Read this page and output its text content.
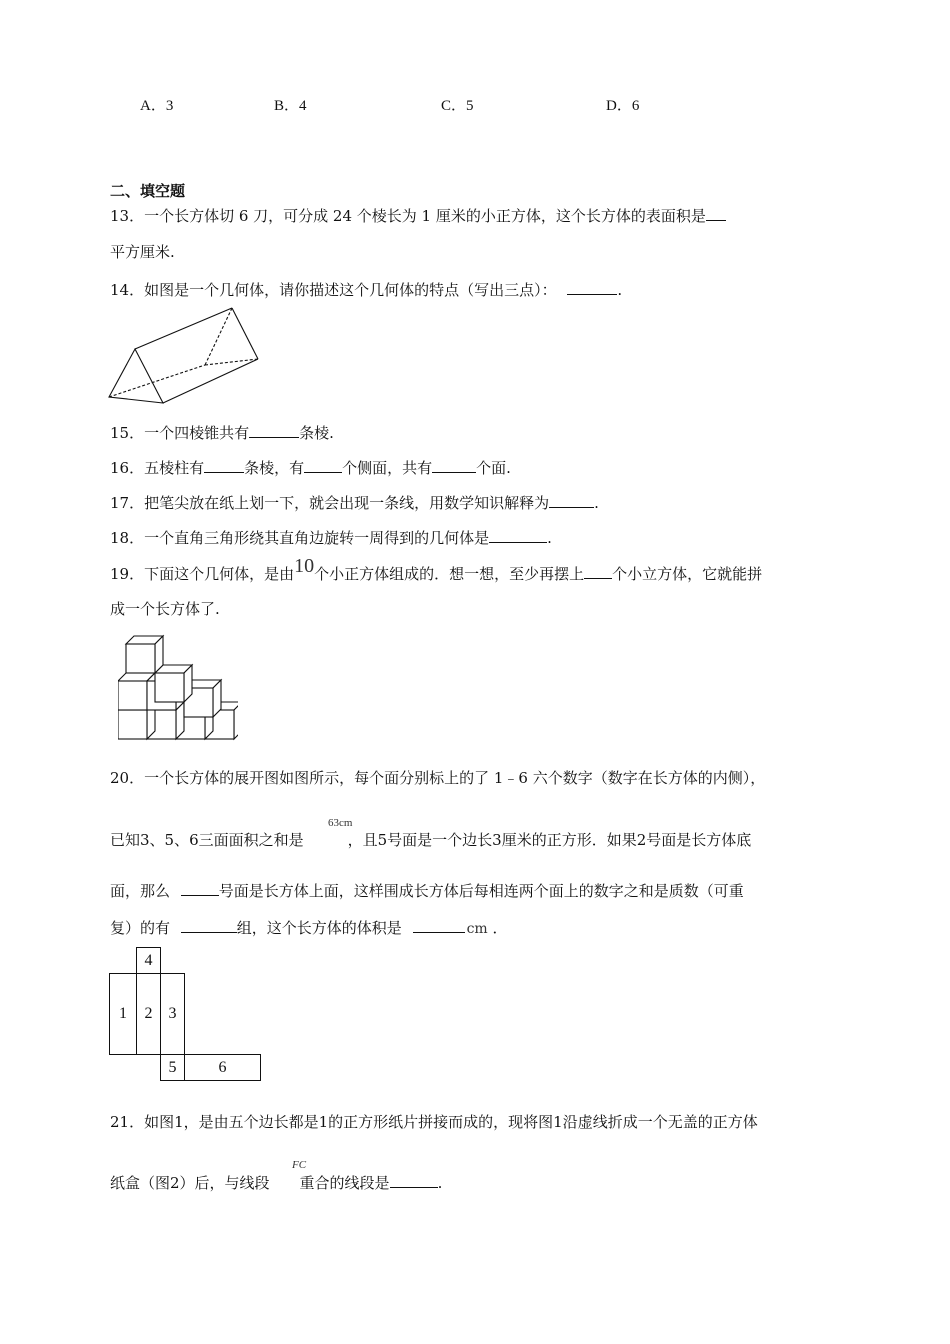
A．3	B．4	C．5	D．6
二、填空题
13．一个长方体切 6 刀，可分成 24 个棱长为 1 厘米的小正方体，这个长方体的表面积是
平方厘米.
14．如图是一个几何体，请你描述这个几何体的特点（写出三点）：	.
15．一个四棱锥共有	条棱.
16．五棱柱有	条棱，有	个侧面，共有	个面.
17．把笔尖放在纸上划一下，就会出现一条线，用数学知识解释为	.
18．一个直角三角形绕其直角边旋转一周得到的几何体是	.
19．下面这个几何体，是由10个小正方体组成的．想一想，至少再摆上 个小立方体，它就能拼
成一个长方体了.
20．一个长方体的展开图如图所示，每个面分别标上的了 1﹣6 六个数字（数字在长方体的内侧），
63cm
已知3、5、6三面面积之和是	，且5号面是一个边长3厘米的正方形．如果2号面是长方体底
面，那么	号面是长方体上面，这样围成长方体后每相连两个面上的数字之和是质数（可重
复）的有	组，这个长方体的体积是	cm ．
4
1	2	3
5	6
21．如图1，是由五个边长都是1的正方形纸片拼接而成的，现将图1沿虚线折成一个无盖的正方体
FC
纸盒（图2）后，与线段 重合的线段是	.
